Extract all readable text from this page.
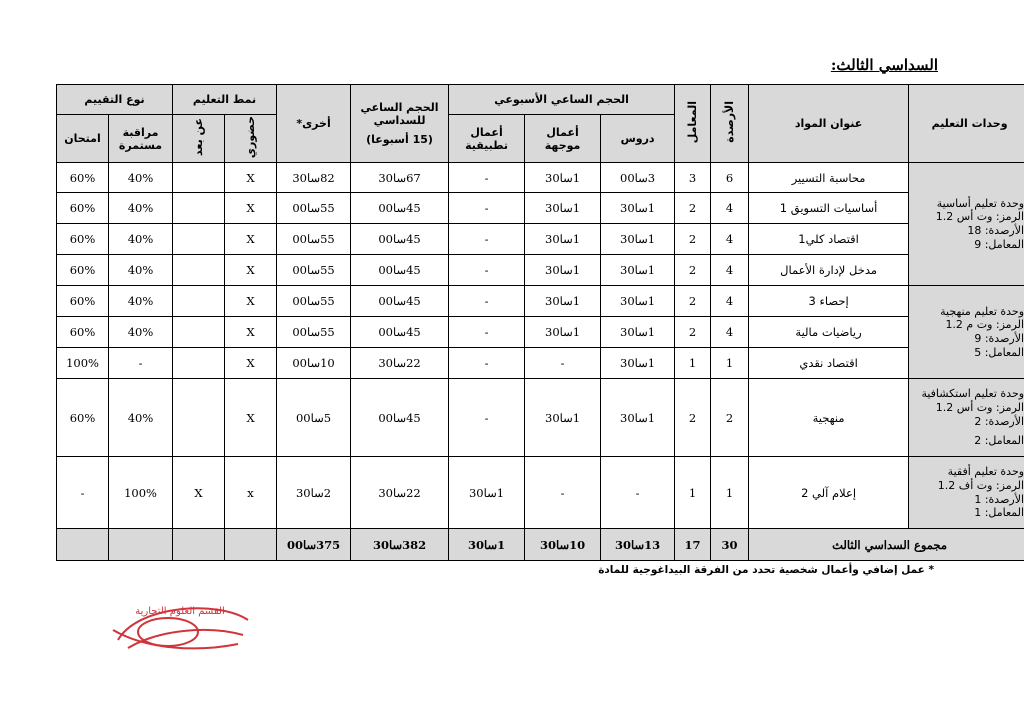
السداسي الثالث:
وحدات التعليم	عنوان المواد	الأرصدة	المعامل	الحجم الساعي الأسبوعي			الحجم الساعي
للسداسي
(15 أسبوعا)	أخرى*	نمط التعليم		نوع التقييم	
				دروس	أعمال موجهة	أعمال تطبيقية			حضوري	عن بعد	مراقبة مستمرة	امتحان

وحدة تعليم أساسية
الرمز: وت أس 1.2
الأرصدة: 18
المعامل: 9	محاسبة التسيير	6	3	3سا00	1سا30	-	67سا30	82سا30	X		40%	60%
	أساسيات التسويق 1	4	2	1سا30	1سا30	-	45سا00	55سا00	X		40%	60%
	اقتصاد كلي1	4	2	1سا30	1سا30	-	45سا00	55سا00	X		40%	60%
	مدخل لإدارة الأعمال	4	2	1سا30	1سا30	-	45سا00	55سا00	X		40%	60%

وحدة تعليم منهجية
الرمز: وت م 1.2
الأرصدة: 9
المعامل: 5	إحصاء 3	4	2	1سا30	1سا30	-	45سا00	55سا00	X		40%	60%
	رياضيات مالية	4	2	1سا30	1سا30	-	45سا00	55سا00	X		40%	60%
	اقتصاد نقدي	1	1	1سا30	-	-	22سا30	10سا00	X		-	100%

وحدة تعليم استكشافية
الرمز: وت أس 1.2
الأرصدة: 2
المعامل: 2	منهجية	2	2	1سا30	1سا30	-	45سا00	5سا00	X		40%	60%

وحدة تعليم أفقية
الرمز: وت أف 1.2
الأرصدة: 1
المعامل: 1	إعلام آلي 2	1	1	-	-	1سا30	22سا30	2سا30	x	X	100%	-
مجموع السداسي الثالث		30	17	13سا30	10سا30	1سا30	382سا30	375سا00				
* عمل إضافي وأعمال شخصية تحدد من الفرقة البيداغوجية للمادة
القسم العلوم التجارية
